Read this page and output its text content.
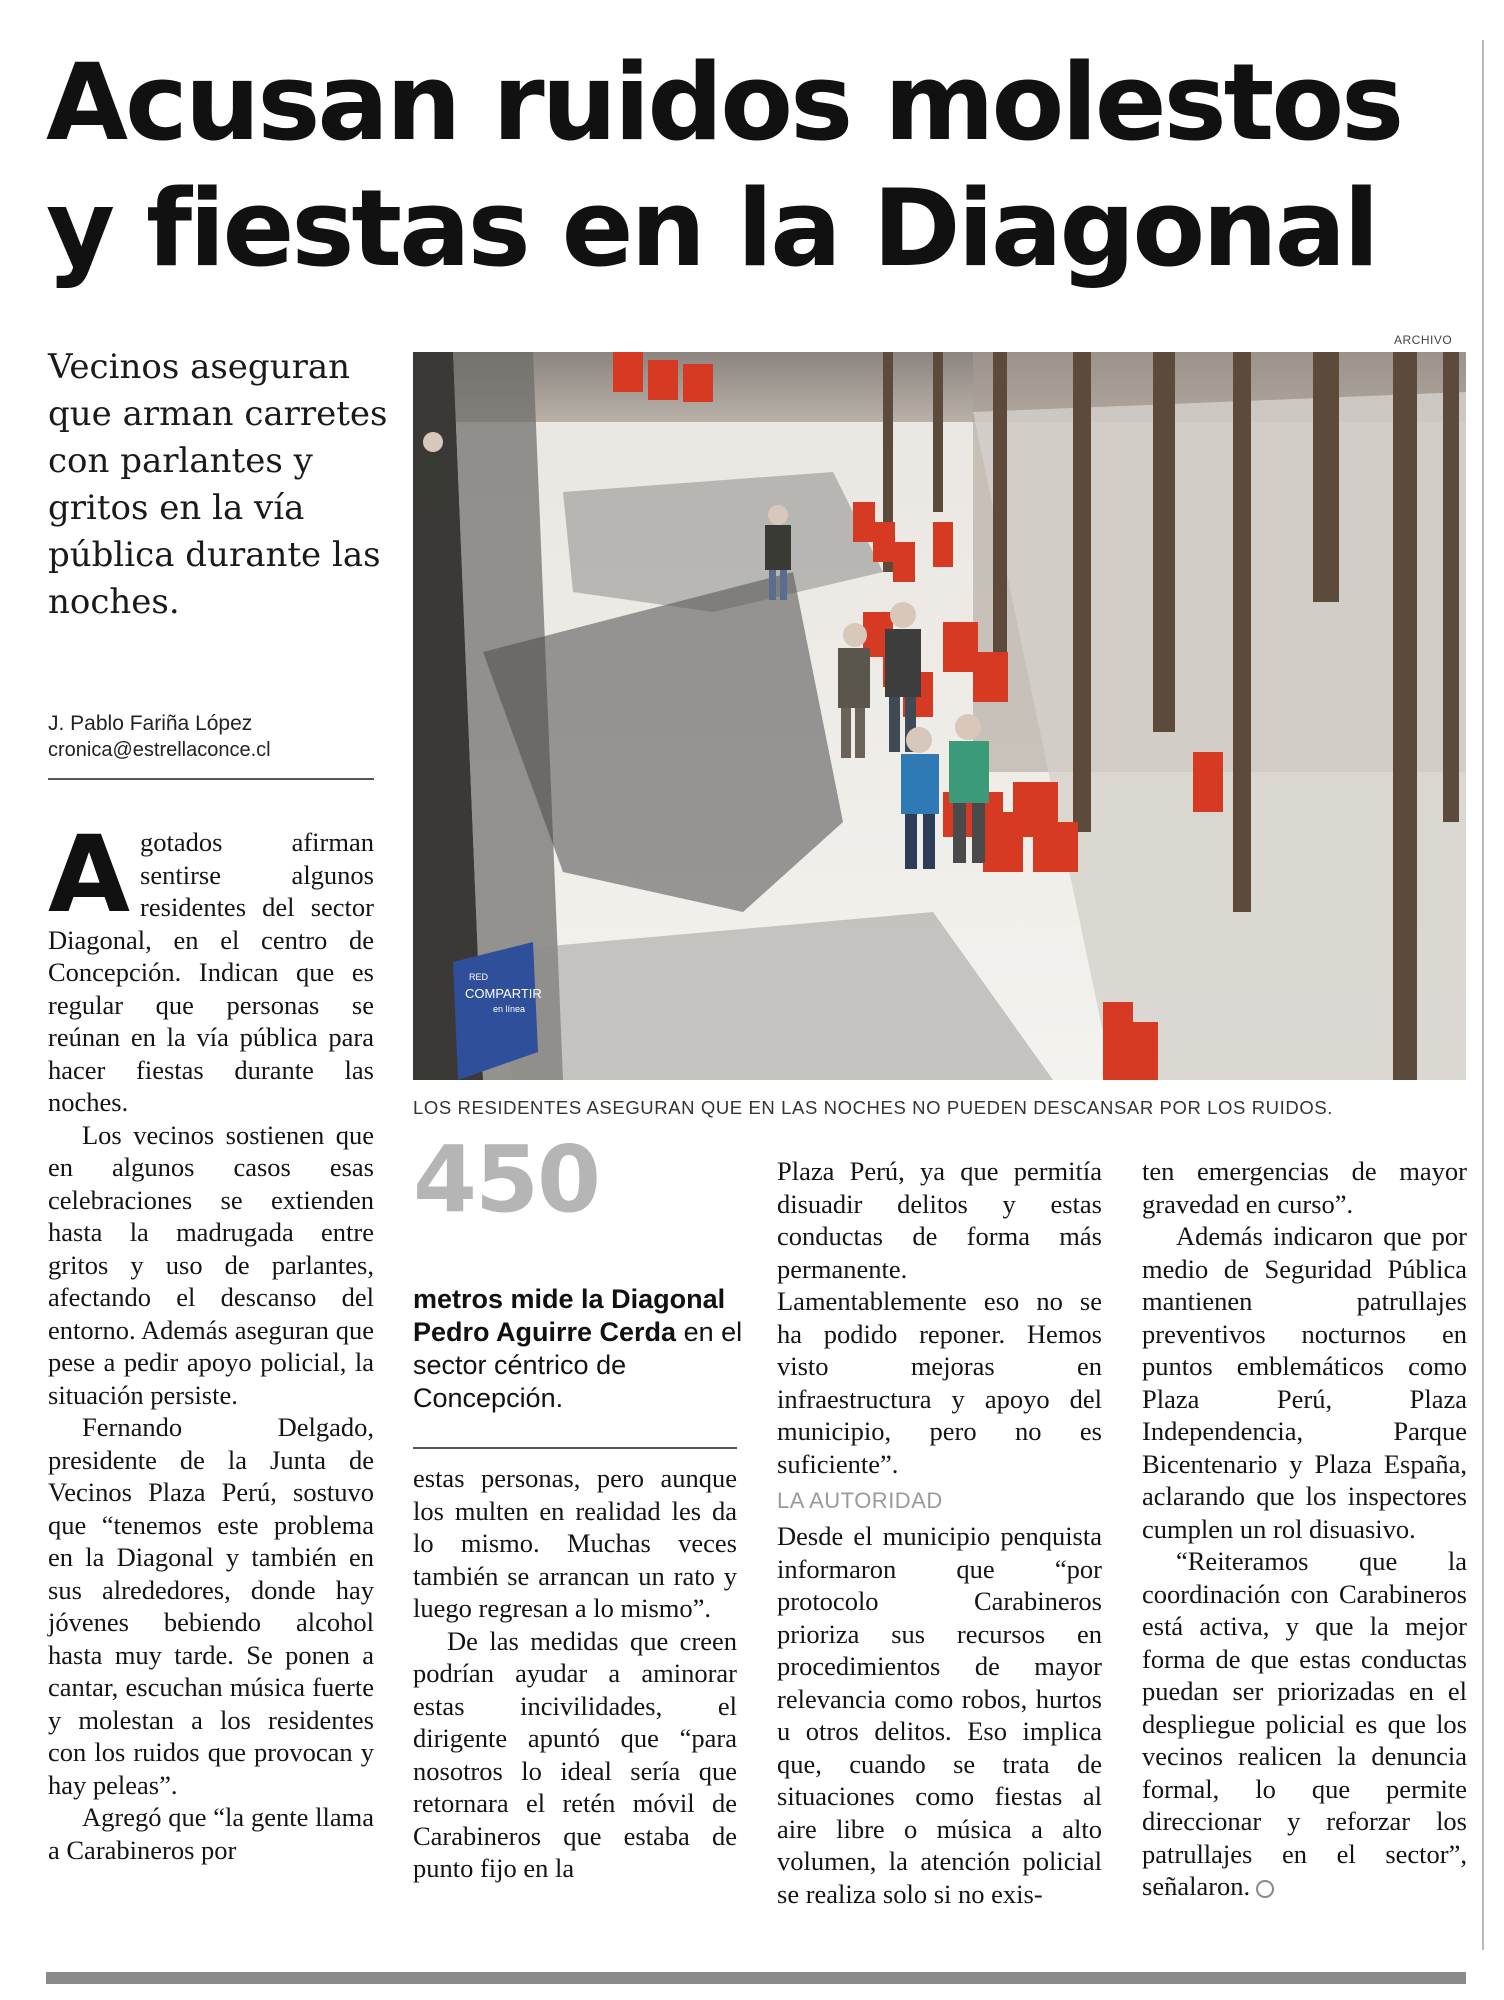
Acusan ruidos molestos
y fiestas en la Diagonal
Vecinos aseguran que arman carretes con parlantes y gritos en la vía pública durante las noches.
J. Pablo Fariña López
cronica@estrellaconce.cl
ARCHIVO
RED
COMPARTIR
en línea
LOS RESIDENTES ASEGURAN QUE EN LAS NOCHES NO PUEDEN DESCANSAR POR LOS RUIDOS.

Agotados afirman sentirse algunos residentes del sector Diagonal, en el centro de Concepción. Indican que es regular que personas se reúnan en la vía pública para hacer fiestas durante las noches.

Los vecinos sostienen que en algunos casos esas celebraciones se extienden hasta la madrugada entre gritos y uso de parlantes, afectando el descanso del entorno. Además aseguran que pese a pedir apoyo policial, la situación persiste.

Fernando Delgado, presidente de la Junta de Vecinos Plaza Perú, sostuvo que “tenemos este problema en la Diagonal y también en sus alrededores, donde hay jóvenes bebiendo alcohol hasta muy tarde. Se ponen a cantar, escuchan música fuerte y molestan a los residentes con los ruidos que provocan y hay peleas”.

Agregó que “la gente llama a Carabineros por

450
metros mide la Diagonal Pedro Aguirre Cerda en el sector céntrico de Concepción.

estas personas, pero aunque los multen en realidad les da lo mismo. Muchas veces también se arrancan un rato y luego regresan a lo mismo”.

De las medidas que creen podrían ayudar a aminorar estas incivilidades, el dirigente apuntó que “para nosotros lo ideal sería que retornara el retén móvil de Carabineros que estaba de punto fijo en la

Plaza Perú, ya que permitía disuadir delitos y estas conductas de forma más permanente. Lamentablemente eso no se ha podido reponer. Hemos visto mejoras en infraestructura y apoyo del municipio, pero no es suficiente”.

LA AUTORIDAD

Desde el municipio penquista informaron que “por protocolo Carabineros prioriza sus recursos en procedimientos de mayor relevancia como robos, hurtos u otros delitos. Eso implica que, cuando se trata de situaciones como fiestas al aire libre o música a alto volumen, la atención policial se realiza solo si no exis-

ten emergencias de mayor gravedad en curso”.

Además indicaron que por medio de Seguridad Pública mantienen patrullajes preventivos nocturnos en puntos emblemáticos como Plaza Perú, Plaza Independencia, Parque Bicentenario y Plaza España, aclarando que los inspectores cumplen un rol disuasivo.

“Reiteramos que la coordinación con Carabineros está activa, y que la mejor forma de que estas conductas puedan ser priorizadas en el despliegue policial es que los vecinos realicen la denuncia formal, lo que permite direccionar y reforzar los patrullajes en el sector”, señalaron.
